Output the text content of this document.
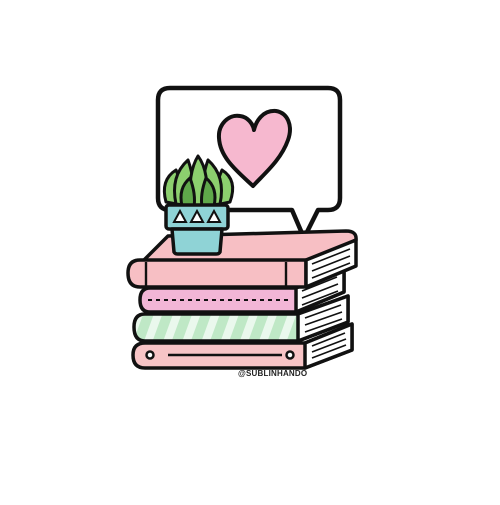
@SUBLINHANDO
